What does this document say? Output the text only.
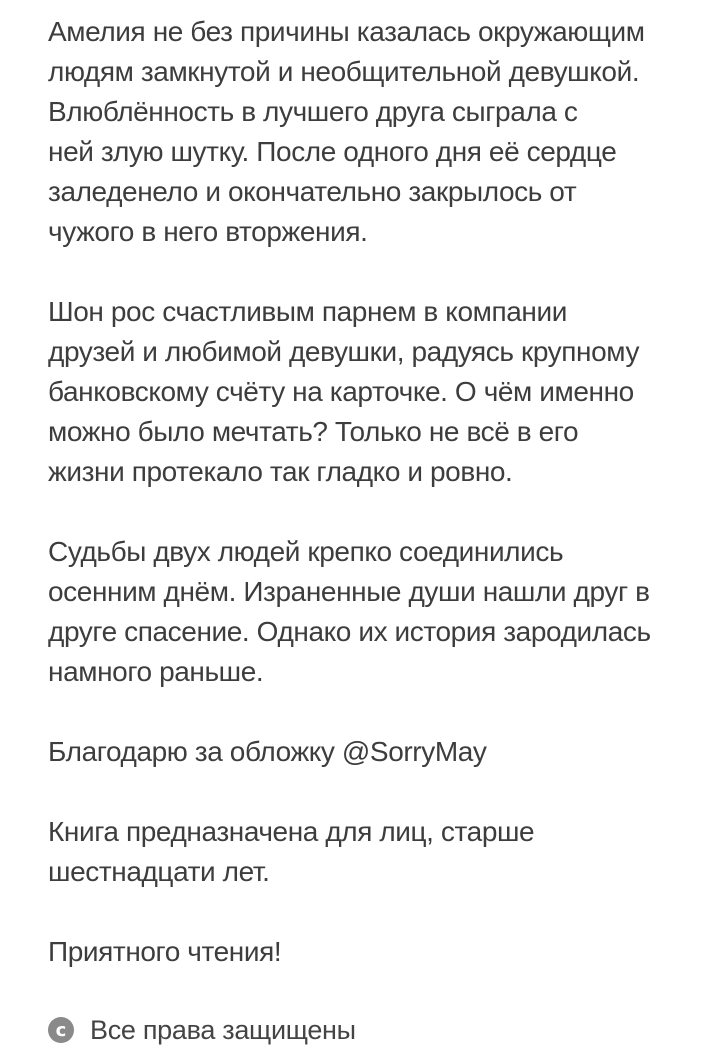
Амелия не без причины казалась окружающим
людям замкнутой и необщительной девушкой.
Влюблённость в лучшего друга сыграла с
ней злую шутку. После одного дня её сердце
заледенело и окончательно закрылось от
чужого в него вторжения.

Шон рос счастливым парнем в компании
друзей и любимой девушки, радуясь крупному
банковскому счёту на карточке. О чём именно
можно было мечтать? Только не всё в его
жизни протекало так гладко и ровно.

Судьбы двух людей крепко соединились
осенним днём. Израненные души нашли друг в
друге спасение. Однако их история зародилась
намного раньше.

Благодарю за обложку @SorryMay

Книга предназначена для лиц, старше
шестнадцати лет.

Приятного чтения!

c Все права защищены
